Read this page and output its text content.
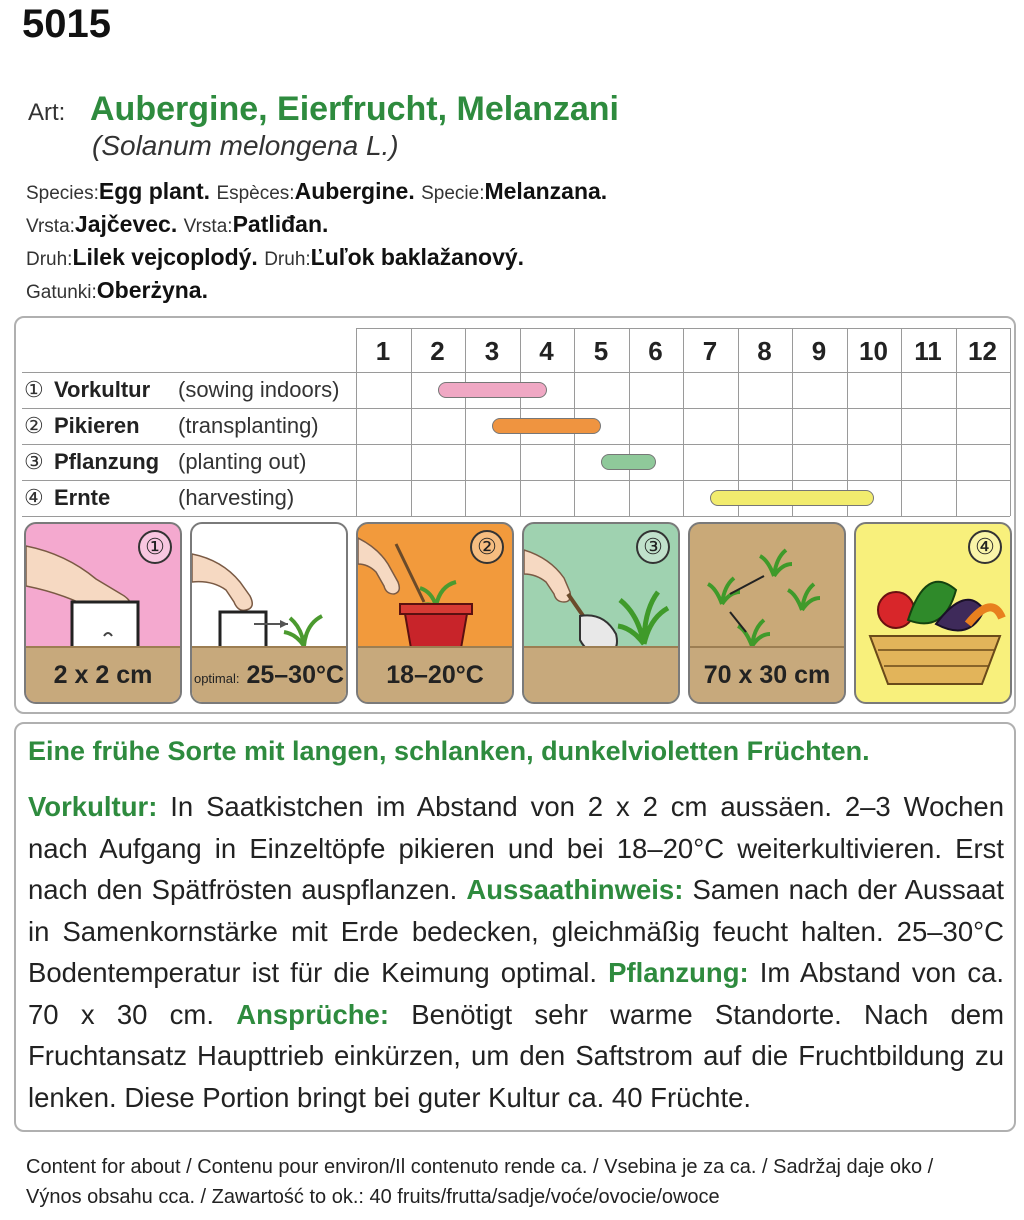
5015
Art: Aubergine, Eierfrucht, Melanzani
(Solanum melongena L.)
Species:Egg plant. Espèces:Aubergine. Specie:Melanzana.
Vrsta:Jajčevec. Vrsta:Patliđan.
Druh:Lilek vejcoplodý. Druh:Ľuľok baklažanový.
Gatunki:Oberżyna.
1	2	3	4	5	6	7	8	9	10	11	12
① Vorkultur	(sowing indoors)
② Pikieren	(transplanting)
③ Pflanzung (planting out)
④ Ernte	(harvesting)
①
2 x 2 cm	optimal: 25–30°C
②
18–20°C
③
70 x 30 cm
④
Eine frühe Sorte mit langen, schlanken, dunkelvioletten Früchten.
Vorkultur: In Saatkistchen im Abstand von 2 x 2 cm aussäen. 2–3 Wochen nach Aufgang in Einzeltöpfe pikieren und bei 18–20°C weiterkultivieren. Erst nach den Spätfrösten auspflanzen. Aussaathinweis: Samen nach der Aussaat in Samenkornstärke mit Erde bedecken, gleichmäßig feucht halten. 25–30°C Bodentemperatur ist für die Keimung optimal. Pflanzung: Im Abstand von ca. 70 x 30 cm. Ansprüche: Benötigt sehr warme Standorte. Nach dem Fruchtansatz Haupttrieb einkürzen, um den Saftstrom auf die Fruchtbildung zu lenken. Diese Portion bringt bei guter Kultur ca. 40 Früchte.
Content for about / Contenu pour environ/Il contenuto rende ca. / Vsebina je za ca. / Sadržaj daje oko /
Výnos obsahu cca. / Zawartość to ok.: 40 fruits/frutta/sadje/voće/ovocie/owoce
